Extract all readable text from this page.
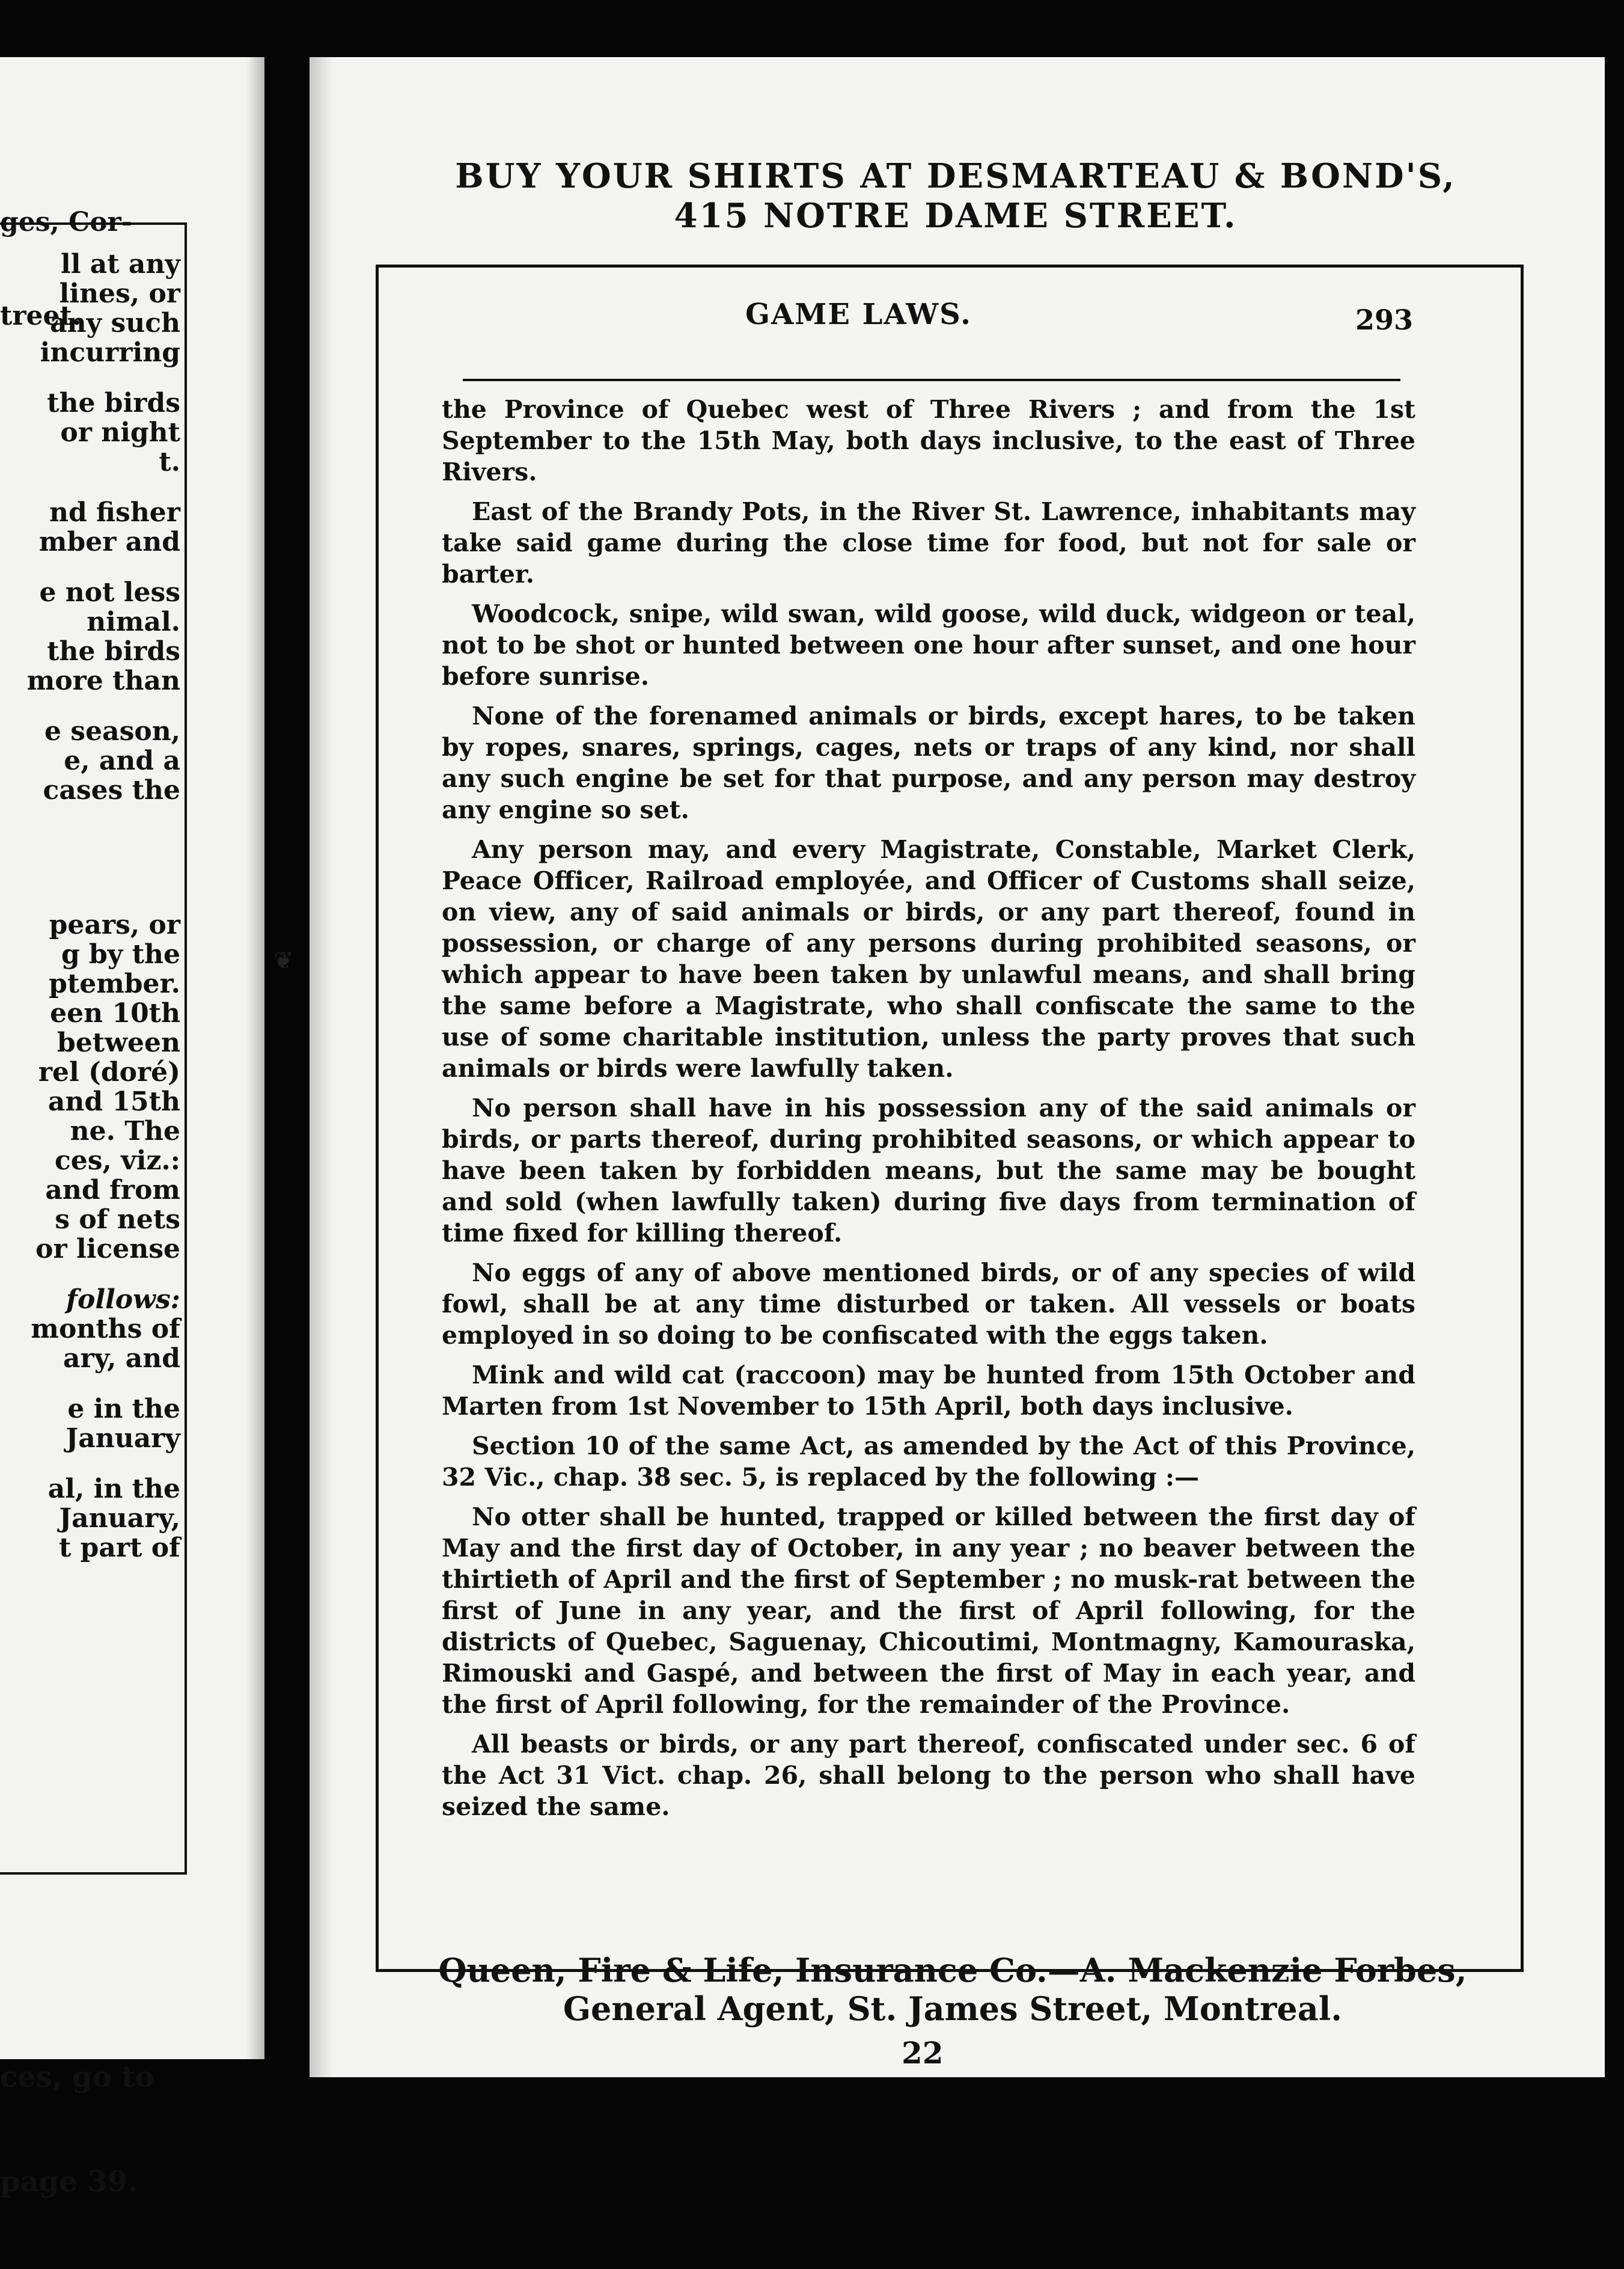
ges, Cor-

treet.

ll at any
lines, or
any such
incurring
the birds
or night
t.
nd fisher
mber and
e not less
nimal.
the birds
more than
e season,
e, and a
cases the
pears, or
g by the
ptember.
een 10th
between
rel (doré)
and 15th
ne. The
ces, viz.:
and from
s of nets
or license
follows:
months of
ary, and
e in the
January
al, in the
January,
t part of

ces, go to

page 39.

❦
BUY YOUR SHIRTS AT DESMARTEAU & BOND'S,
415 NOTRE DAME STREET.
GAME LAWS.	293

the Province of Quebec west of Three Rivers ; and from the 1st September to the 15th May, both days inclusive, to the east of Three Rivers.

East of the Brandy Pots, in the River St. Lawrence, inhabitants may take said game during the close time for food, but not for sale or barter.

Woodcock, snipe, wild swan, wild goose, wild duck, widgeon or teal, not to be shot or hunted between one hour after sunset, and one hour before sunrise.

None of the forenamed animals or birds, except hares, to be taken by ropes, snares, springs, cages, nets or traps of any kind, nor shall any such engine be set for that purpose, and any person may destroy any engine so set.

Any person may, and every Magistrate, Constable, Market Clerk, Peace Officer, Railroad employée, and Officer of Customs shall seize, on view, any of said animals or birds, or any part thereof, found in possession, or charge of any persons during prohibited seasons, or which appear to have been taken by unlawful means, and shall bring the same before a Magistrate, who shall confiscate the same to the use of some charitable institution, unless the party proves that such animals or birds were lawfully taken.

No person shall have in his possession any of the said animals or birds, or parts thereof, during prohibited seasons, or which appear to have been taken by forbidden means, but the same may be bought and sold (when lawfully taken) during five days from termination of time fixed for killing thereof.

No eggs of any of above mentioned birds, or of any species of wild fowl, shall be at any time disturbed or taken. All vessels or boats employed in so doing to be confiscated with the eggs taken.

Mink and wild cat (raccoon) may be hunted from 15th October and Marten from 1st November to 15th April, both days inclusive.

Section 10 of the same Act, as amended by the Act of this Province, 32 Vic., chap. 38 sec. 5, is replaced by the following :—

No otter shall be hunted, trapped or killed between the first day of May and the first day of October, in any year ; no beaver between the thirtieth of April and the first of September ; no musk-rat between the first of June in any year, and the first of April following, for the districts of Quebec, Saguenay, Chicoutimi, Montmagny, Kamouraska, Rimouski and Gaspé, and between the first of May in each year, and the first of April following, for the remainder of the Province.

All beasts or birds, or any part thereof, confiscated under sec. 6 of the Act 31 Vict. chap. 26, shall belong to the person who shall have seized the same.

Queen, Fire & Life, Insurance Co.—A. Mackenzie Forbes,
General Agent, St. James Street, Montreal.
22
